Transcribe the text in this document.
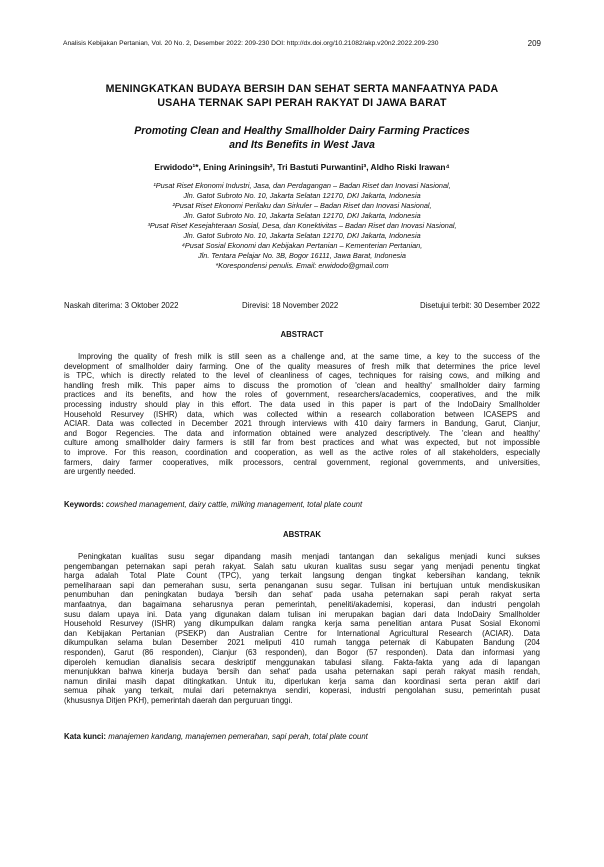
Analisis Kebijakan Pertanian, Vol. 20 No. 2, Desember 2022: 209-230 DOI: http://dx.doi.org/10.21082/akp.v20n2.2022.209-230	209
MENINGKATKAN BUDAYA BERSIH DAN SEHAT SERTA MANFAATNYA PADA
USAHA TERNAK SAPI PERAH RAKYAT DI JAWA BARAT
Promoting Clean and Healthy Smallholder Dairy Farming Practices
and Its Benefits in West Java
Erwidodo¹*, Ening Ariningsih², Tri Bastuti Purwantini³, Aldho Riski Irawan⁴
¹Pusat Riset Ekonomi Industri, Jasa, dan Perdagangan – Badan Riset dan Inovasi Nasional,
Jln. Gatot Subroto No. 10, Jakarta Selatan 12170, DKI Jakarta, Indonesia
²Pusat Riset Ekonomi Perilaku dan Sirkuler – Badan Riset dan Inovasi Nasional,
Jln. Gatot Subroto No. 10, Jakarta Selatan 12170, DKI Jakarta, Indonesia
³Pusat Riset Kesejahteraan Sosial, Desa, dan Konektivitas – Badan Riset dan Inovasi Nasional,
Jln. Gatot Subroto No. 10, Jakarta Selatan 12170, DKI Jakarta, Indonesia
⁴Pusat Sosial Ekonomi dan Kebijakan Pertanian – Kementerian Pertanian,
Jln. Tentara Pelajar No. 3B, Bogor 16111, Jawa Barat, Indonesia
*Korespondensi penulis. Email: erwidodo@gmail.com
Naskah diterima: 3 Oktober 2022	Direvisi: 18 November 2022	Disetujui terbit: 30 Desember 2022
ABSTRACT
Improving the quality of fresh milk is still seen as a challenge and, at the same time, a key to the success of the
development of smallholder dairy farming. One of the quality measures of fresh milk that determines the price level
is TPC, which is directly related to the level of cleanliness of cages, techniques for raising cows, and milking and
handling fresh milk. This paper aims to discuss the promotion of 'clean and healthy' smallholder dairy farming
practices and its benefits, and how the roles of government, researchers/academics, cooperatives, and the milk
processing industry should play in this effort. The data used in this paper is part of the IndoDairy Smallholder
Household Resurvey (ISHR) data, which was collected within a research collaboration between ICASEPS and
ACIAR. Data was collected in December 2021 through interviews with 410 dairy farmers in Bandung, Garut, Cianjur,
and Bogor Regencies. The data and information obtained were analyzed descriptively. The 'clean and healthy'
culture among smallholder dairy farmers is still far from best practices and what was expected, but not impossible
to improve. For this reason, coordination and cooperation, as well as the active roles of all stakeholders, especially
farmers, dairy farmer cooperatives, milk processors, central government, regional governments, and universities,
are urgently needed.
Keywords: cowshed management, dairy cattle, milking management, total plate count
ABSTRAK
Peningkatan kualitas susu segar dipandang masih menjadi tantangan dan sekaligus menjadi kunci sukses
pengembangan peternakan sapi perah rakyat. Salah satu ukuran kualitas susu segar yang menjadi penentu tingkat
harga adalah Total Plate Count (TPC), yang terkait langsung dengan tingkat kebersihan kandang, teknik
pemeliharaan sapi dan pemerahan susu, serta penanganan susu segar. Tulisan ini bertujuan untuk mendiskusikan
penumbuhan dan peningkatan budaya 'bersih dan sehat' pada usaha peternakan sapi perah rakyat serta
manfaatnya, dan bagaimana seharusnya peran pemerintah, peneliti/akademisi, koperasi, dan industri pengolah
susu dalam upaya ini. Data yang digunakan dalam tulisan ini merupakan bagian dari data IndoDairy Smallholder
Household Resurvey (ISHR) yang dikumpulkan dalam rangka kerja sama penelitian antara Pusat Sosial Ekonomi
dan Kebijakan Pertanian (PSEKP) dan Australian Centre for International Agricultural Research (ACIAR). Data
dikumpulkan selama bulan Desember 2021 meliputi 410 rumah tangga peternak di Kabupaten Bandung (204
responden), Garut (86 responden), Cianjur (63 responden), dan Bogor (57 responden). Data dan informasi yang
diperoleh kemudian dianalisis secara deskriptif menggunakan tabulasi silang. Fakta-fakta yang ada di lapangan
menunjukkan bahwa kinerja budaya 'bersih dan sehat' pada usaha peternakan sapi perah rakyat masih rendah,
namun dinilai masih dapat ditingkatkan. Untuk itu, diperlukan kerja sama dan koordinasi serta peran aktif dari
semua pihak yang terkait, mulai dari peternaknya sendiri, koperasi, industri pengolahan susu, pemerintah pusat
(khususnya Ditjen PKH), pemerintah daerah dan perguruan tinggi.
Kata kunci: manajemen kandang, manajemen pemerahan, sapi perah, total plate count
